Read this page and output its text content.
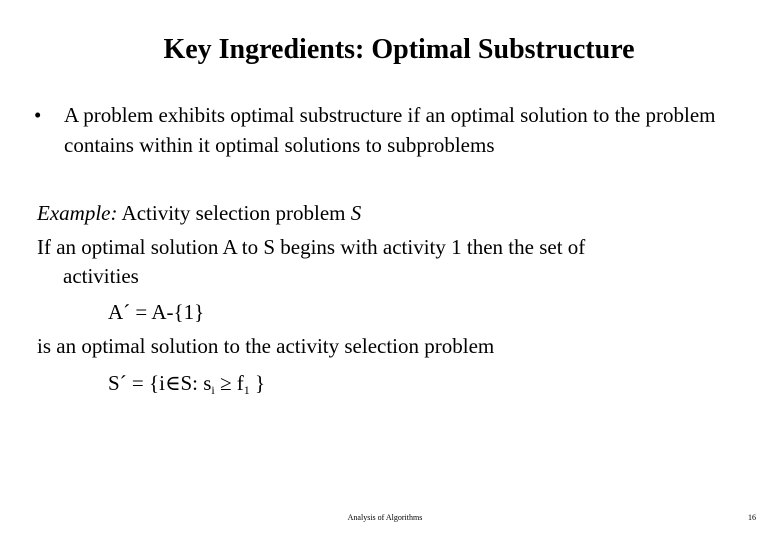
Key Ingredients: Optimal Substructure
• A problem exhibits optimal substructure if an optimal solution to the problem contains within it optimal solutions to subproblems
Example: Activity selection problem S
If an optimal solution A to S begins with activity 1 then the set of
activities
A´ = A-{1}
is an optimal solution to the activity selection problem
S´ = {i∈S: $s_i \ge f_1$ }
Analysis of Algorithms	16
